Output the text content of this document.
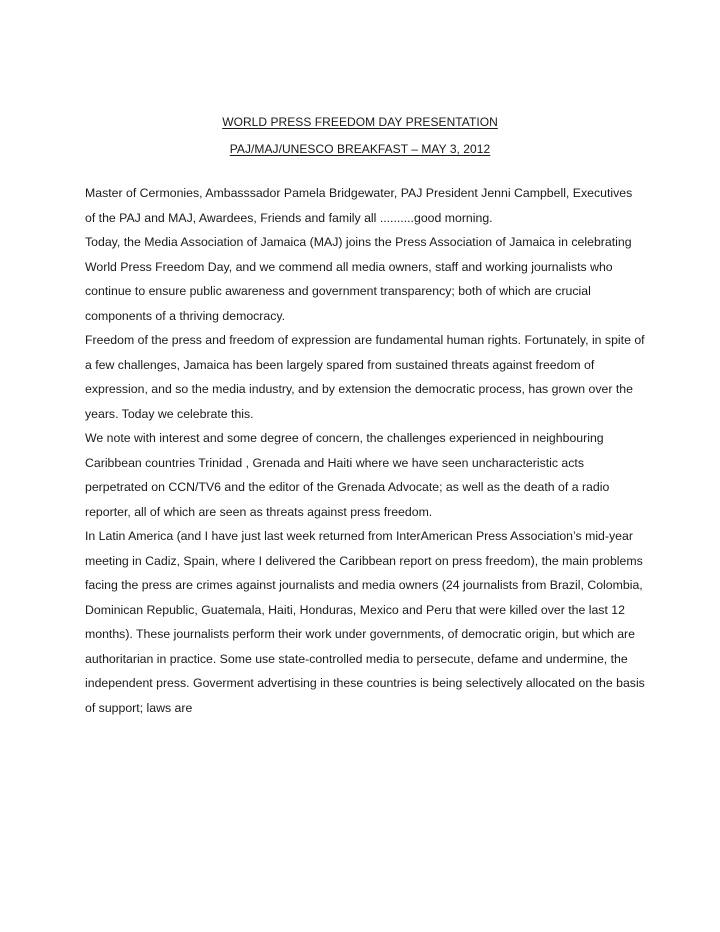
WORLD PRESS FREEDOM DAY PRESENTATION
PAJ/MAJ/UNESCO BREAKFAST – MAY 3, 2012

Master of Cermonies, Ambasssador Pamela Bridgewater, PAJ President Jenni Campbell, Executives of the PAJ and MAJ, Awardees, Friends and family all ..........good morning.

Today, the Media Association of Jamaica (MAJ) joins the Press Association of Jamaica in celebrating World Press Freedom Day, and we commend all media owners, staff and working journalists who continue to ensure public awareness and government transparency; both of which are crucial components of a thriving democracy.

Freedom of the press and freedom of expression are fundamental human rights. Fortunately, in spite of a few challenges, Jamaica has been largely spared from sustained threats against freedom of expression, and so the media industry, and by extension the democratic process, has grown over the years. Today we celebrate this.

We note with interest and some degree of concern, the challenges experienced in neighbouring Caribbean countries Trinidad , Grenada and Haiti where we have seen uncharacteristic acts perpetrated on CCN/TV6 and the editor of the Grenada Advocate; as well as the death of a radio reporter, all of which are seen as threats against press freedom.

In Latin America (and I have just last week returned from InterAmerican Press Association’s mid-year meeting in Cadiz, Spain, where I delivered the Caribbean report on press freedom), the main problems facing the press are crimes against journalists and media owners (24 journalists from Brazil, Colombia, Dominican Republic, Guatemala, Haiti, Honduras, Mexico and Peru that were killed over the last 12 months). These journalists perform their work under governments, of democratic origin, but which are authoritarian in practice. Some use state-controlled media to persecute, defame and undermine, the independent press. Goverment advertising in these countries is being selectively allocated on the basis of support; laws are
